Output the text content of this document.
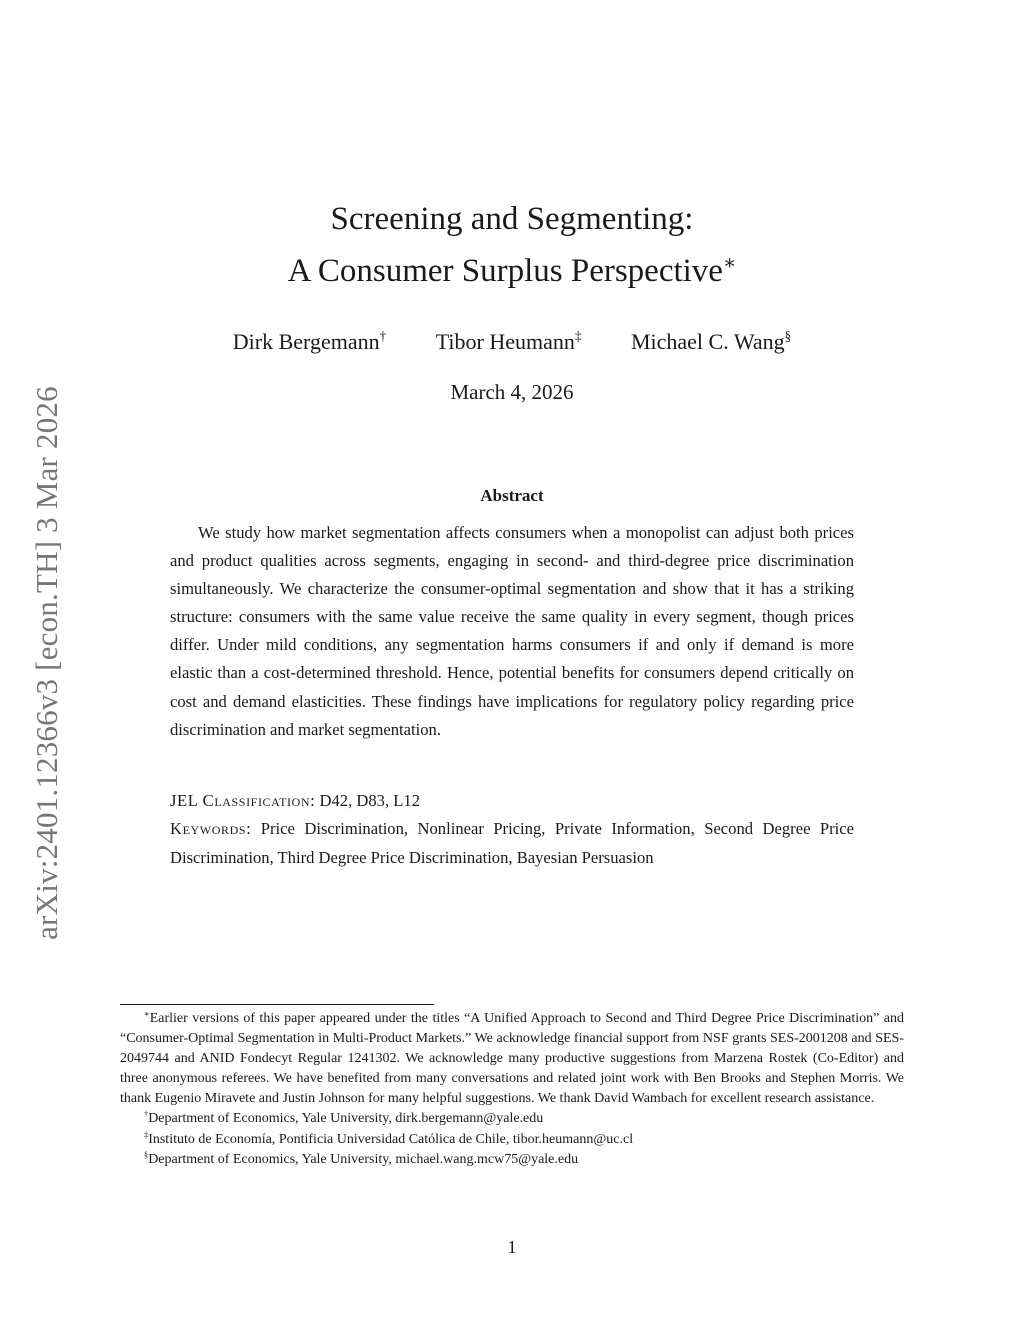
arXiv:2401.12366v3 [econ.TH] 3 Mar 2026
Screening and Segmenting:
A Consumer Surplus Perspective∗
Dirk Bergemann† Tibor Heumann‡ Michael C. Wang§
March 4, 2026
Abstract

We study how market segmentation affects consumers when a monopolist can adjust both prices and product qualities across segments, engaging in second- and third-degree price discrimination simultaneously. We characterize the consumer-optimal segmentation and show that it has a striking structure: consumers with the same value receive the same quality in every segment, though prices differ. Under mild conditions, any segmentation harms consumers if and only if demand is more elastic than a cost-determined threshold. Hence, potential benefits for consumers depend critically on cost and demand elasticities. These findings have implications for regulatory policy regarding price discrimination and market segmentation.

JEL Classification: D42, D83, L12

Keywords: Price Discrimination, Nonlinear Pricing, Private Information, Second Degree Price Discrimination, Third Degree Price Discrimination, Bayesian Persuasion

∗Earlier versions of this paper appeared under the titles “A Unified Approach to Second and Third Degree Price Discrimination” and “Consumer-Optimal Segmentation in Multi-Product Markets.” We acknowledge financial support from NSF grants SES-2001208 and SES-2049744 and ANID Fondecyt Regular 1241302. We acknowledge many productive suggestions from Marzena Rostek (Co-Editor) and three anonymous referees. We have benefited from many conversations and related joint work with Ben Brooks and Stephen Morris. We thank Eugenio Miravete and Justin Johnson for many helpful suggestions. We thank David Wambach for excellent research assistance.

†Department of Economics, Yale University, dirk.bergemann@yale.edu

‡Instituto de Economía, Pontificia Universidad Católica de Chile, tibor.heumann@uc.cl

§Department of Economics, Yale University, michael.wang.mcw75@yale.edu

1
